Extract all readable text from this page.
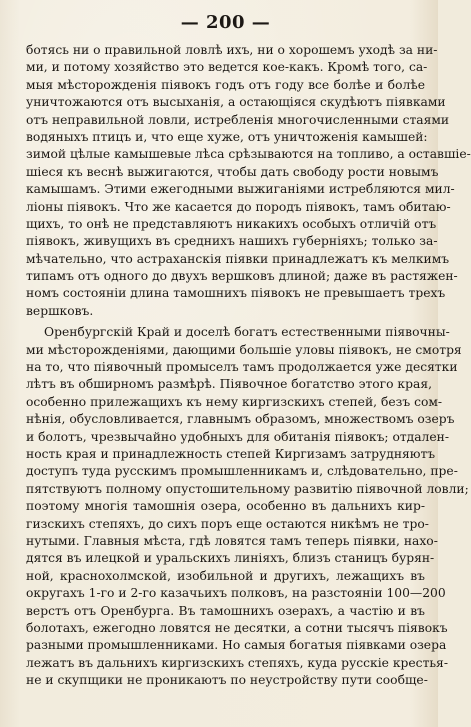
— 200 —
ботясь ни о правильной ловлѣ ихъ, ни о хорошемъ уходѣ за ни-
ми, и потому хозяйство это ведется кое-какъ. Кромѣ того, са-
мыя мѣсторожденія піявокъ годъ отъ году все болѣе и болѣе
уничтожаются отъ высыханія, а остающіяся скудѣютъ піявками
отъ неправильной ловли, истребленія многочисленными стаями
водяныхъ птицъ и, что еще хуже, отъ уничтоженія камышей:
зимой цѣлые камышевые лѣса срѣзываются на топливо, а оставшіе-
шіеся къ веснѣ выжигаются, чтобы дать свободу рости новымъ
камышамъ. Этими ежегодными выжиганіями истребляются мил-
ліоны піявокъ. Что же касается до породъ піявокъ, тамъ обитаю-
щихъ, то онѣ не представляютъ никакихъ особыхъ отличій отъ
піявокъ, живущихъ въ среднихъ нашихъ губерніяхъ; только за-
мѣчательно, что астраханскія піявки принадлежатъ къ мелкимъ
типамъ отъ одного до двухъ вершковъ длиной; даже въ растяжен-
номъ состояніи длина тамошнихъ піявокъ не превышаетъ трехъ
вершковъ.
Оренбургскій Край и доселѣ богатъ естественными піявочны-
ми мѣсторожденіями, дающими большіе уловы піявокъ, не смотря
на то, что піявочный промыселъ тамъ продолжается уже десятки
лѣтъ въ обширномъ размѣрѣ. Піявочное богатство этого края,
особенно прилежащихъ къ нему киргизскихъ степей, безъ сом-
нѣнія, обусловливается, главнымъ образомъ, множествомъ озеръ
и болотъ, чрезвычайно удобныхъ для обитанія піявокъ; отдален-
ность края и принадлежность степей Киргизамъ затрудняютъ
доступъ туда русскимъ промышленникамъ и, слѣдовательно, пре-
пятствуютъ полному опустошительному развитію піявочной ловли;
поэтому многія тамошнія озера, особенно въ дальнихъ кир-
гизскихъ степяхъ, до сихъ поръ еще остаются никѣмъ не тро-
нутыми. Главныя мѣста, гдѣ ловятся тамъ теперь піявки, нахо-
дятся въ илецкой и уральскихъ линіяхъ, близъ станицъ бурян-
ной, краснохолмской, изобильной и другихъ, лежащихъ въ
округахъ 1-го и 2-го казачьихъ полковъ, на разстояніи 100—200
верстъ отъ Оренбурга. Въ тамошнихъ озерахъ, а частію и въ
болотахъ, ежегодно ловятся не десятки, а сотни тысячъ піявокъ
разными промышленниками. Но самыя богатыя піявками озера
лежатъ въ дальнихъ киргизскихъ степяхъ, куда русскіе крестья-
не и скупщики не проникаютъ по неустройству пути сообще-
